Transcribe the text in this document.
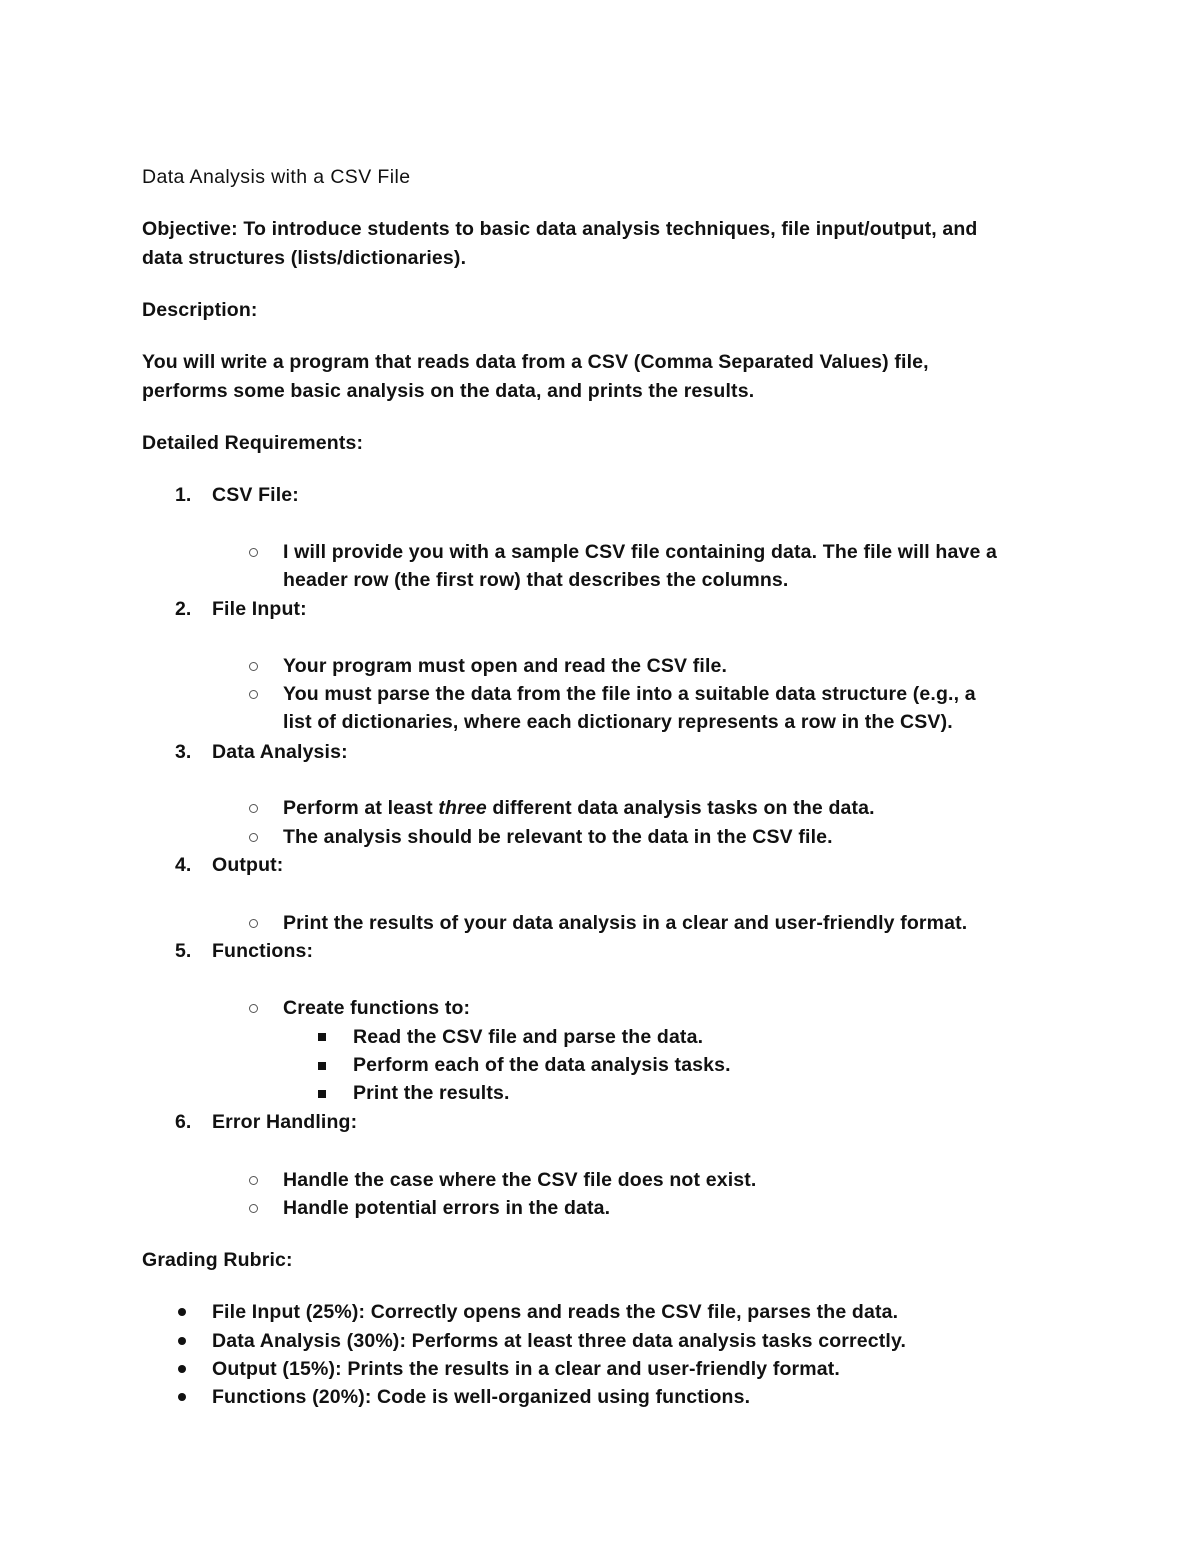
Data Analysis with a CSV File
Objective: To introduce students to basic data analysis techniques, file input/output, and
data structures (lists/dictionaries).
Description:
You will write a program that reads data from a CSV (Comma Separated Values) file,
performs some basic analysis on the data, and prints the results.
Detailed Requirements:
1. CSV File:
I will provide you with a sample CSV file containing data. The file will have a
header row (the first row) that describes the columns.
2. File Input:
Your program must open and read the CSV file.
You must parse the data from the file into a suitable data structure (e.g., a
list of dictionaries, where each dictionary represents a row in the CSV).
3. Data Analysis:
Perform at least three different data analysis tasks on the data.
The analysis should be relevant to the data in the CSV file.
4. Output:
Print the results of your data analysis in a clear and user-friendly format.
5. Functions:
Create functions to:
Read the CSV file and parse the data.
Perform each of the data analysis tasks.
Print the results.
6. Error Handling:
Handle the case where the CSV file does not exist.
Handle potential errors in the data.
Grading Rubric:
File Input (25%): Correctly opens and reads the CSV file, parses the data.
Data Analysis (30%): Performs at least three data analysis tasks correctly.
Output (15%): Prints the results in a clear and user-friendly format.
Functions (20%): Code is well-organized using functions.
